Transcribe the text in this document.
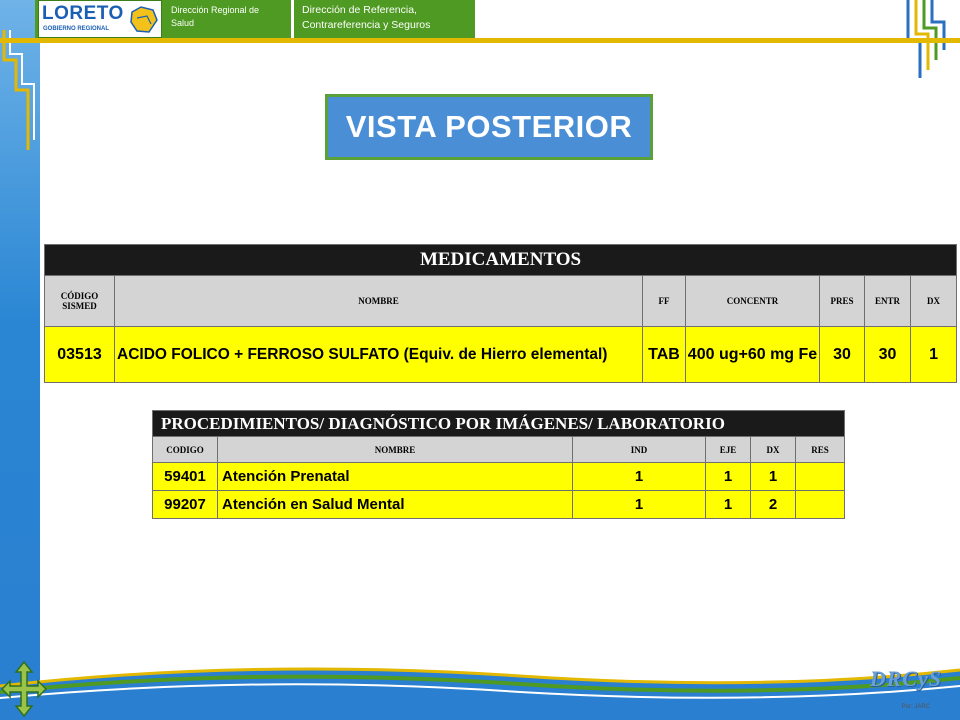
LORETO
GOBIERNO REGIONAL
Dirección Regional de Salud
Dirección de Referencia, Contrareferencia y Seguros
VISTA POSTERIOR
MEDICAMENTOS						
CÓDIGO SISMED	NOMBRE	FF	CONCENTR	PRES	ENTR	DX
03513	ACIDO FOLICO + FERROSO SULFATO (Equiv. de Hierro elemental)	TAB	400 ug+60 mg Fe	30	30	1
PROCEDIMIENTOS/ DIAGNÓSTICO POR IMÁGENES/ LABORATORIO					
CODIGO	NOMBRE	IND	EJE	DX	RES
59401	Atención Prenatal	1	1	1	
99207	Atención en Salud Mental	1	1	2	
DRCyS
Por: JARC
